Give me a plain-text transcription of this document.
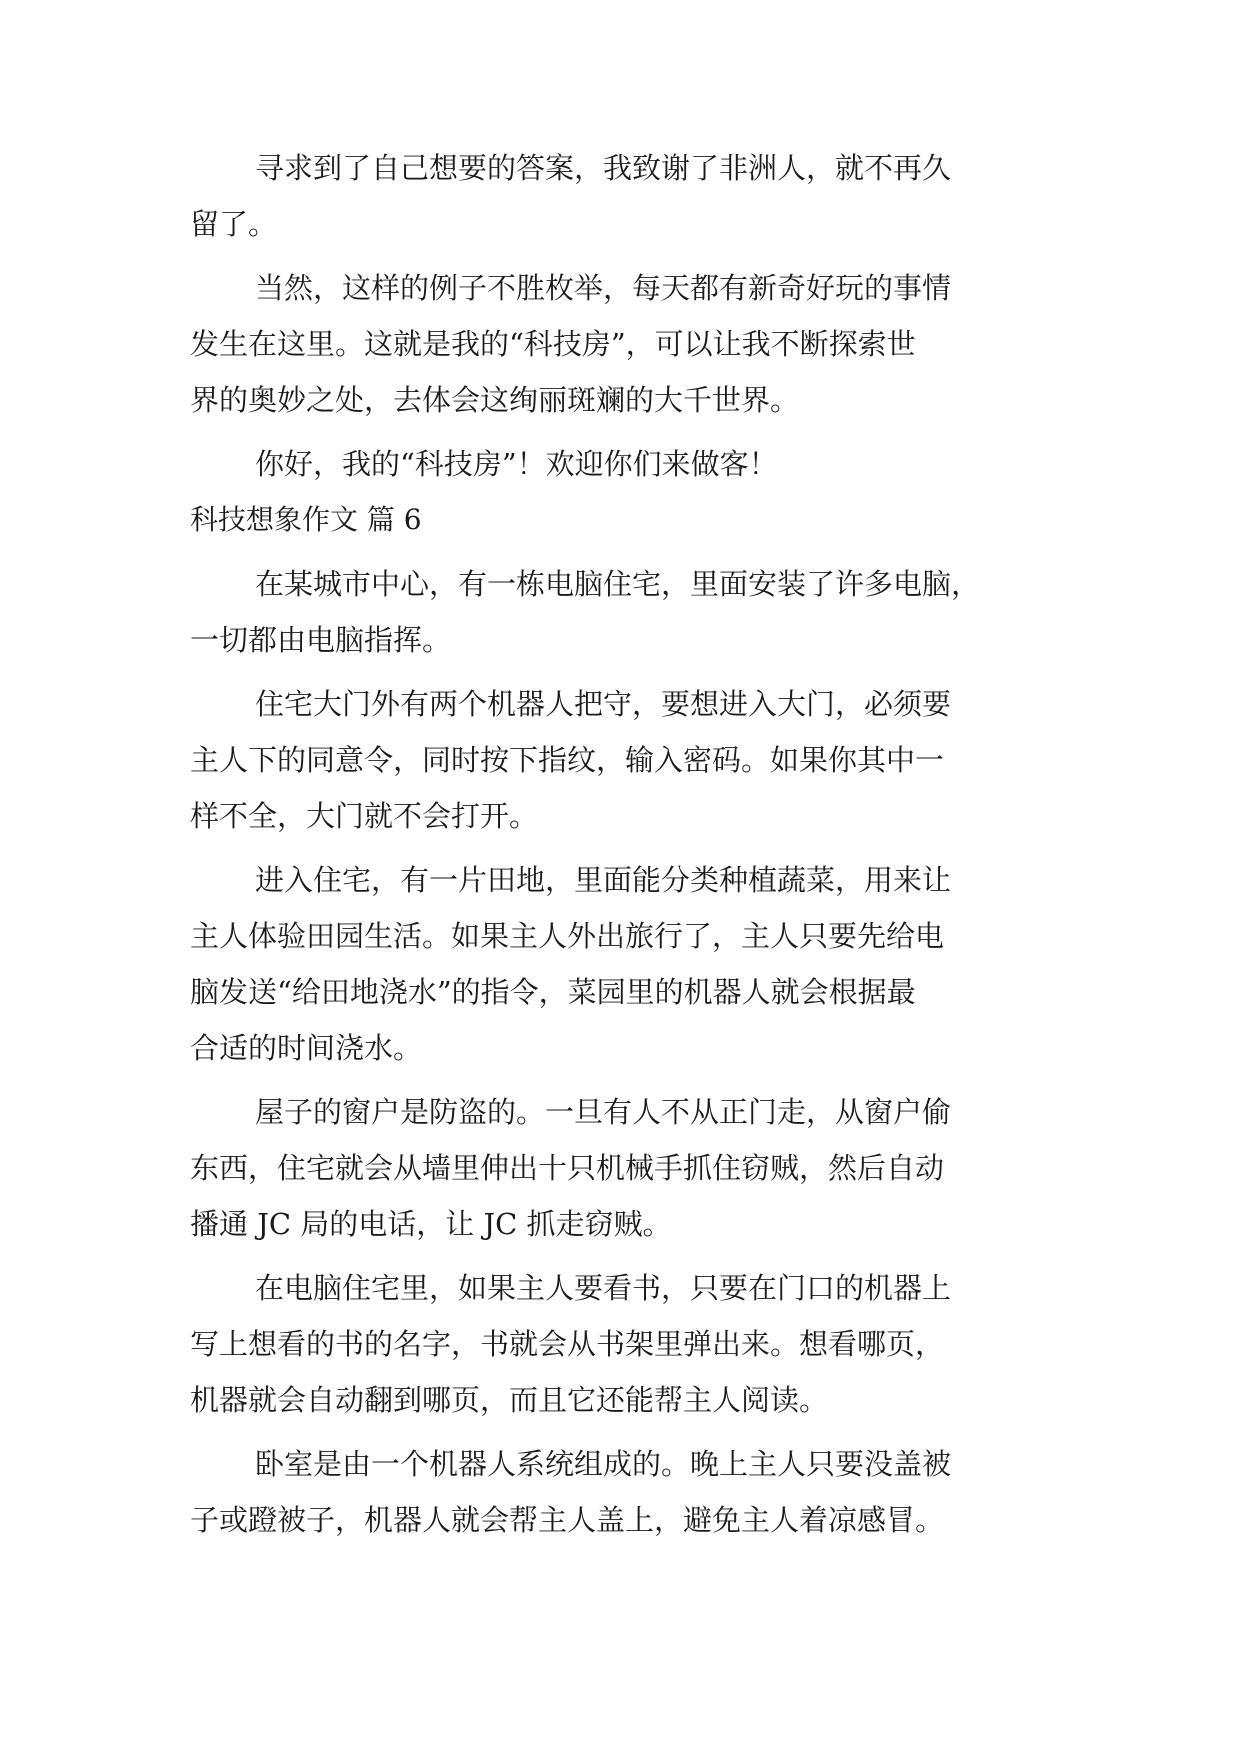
寻求到了自己想要的答案，我致谢了非洲人，就不再久
留了。
当然，这样的例子不胜枚举，每天都有新奇好玩的事情
发生在这里。这就是我的“科技房”，可以让我不断探索世
界的奥妙之处，去体会这绚丽斑斓的大千世界。
你好，我的“科技房”！欢迎你们来做客！
科技想象作文 篇 6
在某城市中心，有一栋电脑住宅，里面安装了许多电脑，
一切都由电脑指挥。
住宅大门外有两个机器人把守，要想进入大门，必须要
主人下的同意令，同时按下指纹，输入密码。如果你其中一
样不全，大门就不会打开。
进入住宅，有一片田地，里面能分类种植蔬菜，用来让
主人体验田园生活。如果主人外出旅行了，主人只要先给电
脑发送“给田地浇水”的指令，菜园里的机器人就会根据最
合适的时间浇水。
屋子的窗户是防盗的。一旦有人不从正门走，从窗户偷
东西，住宅就会从墙里伸出十只机械手抓住窃贼，然后自动
播通 JC 局的电话，让 JC 抓走窃贼。
在电脑住宅里，如果主人要看书，只要在门口的机器上
写上想看的书的名字，书就会从书架里弹出来。想看哪页，
机器就会自动翻到哪页，而且它还能帮主人阅读。
卧室是由一个机器人系统组成的。晚上主人只要没盖被
子或蹬被子，机器人就会帮主人盖上，避免主人着凉感冒。
